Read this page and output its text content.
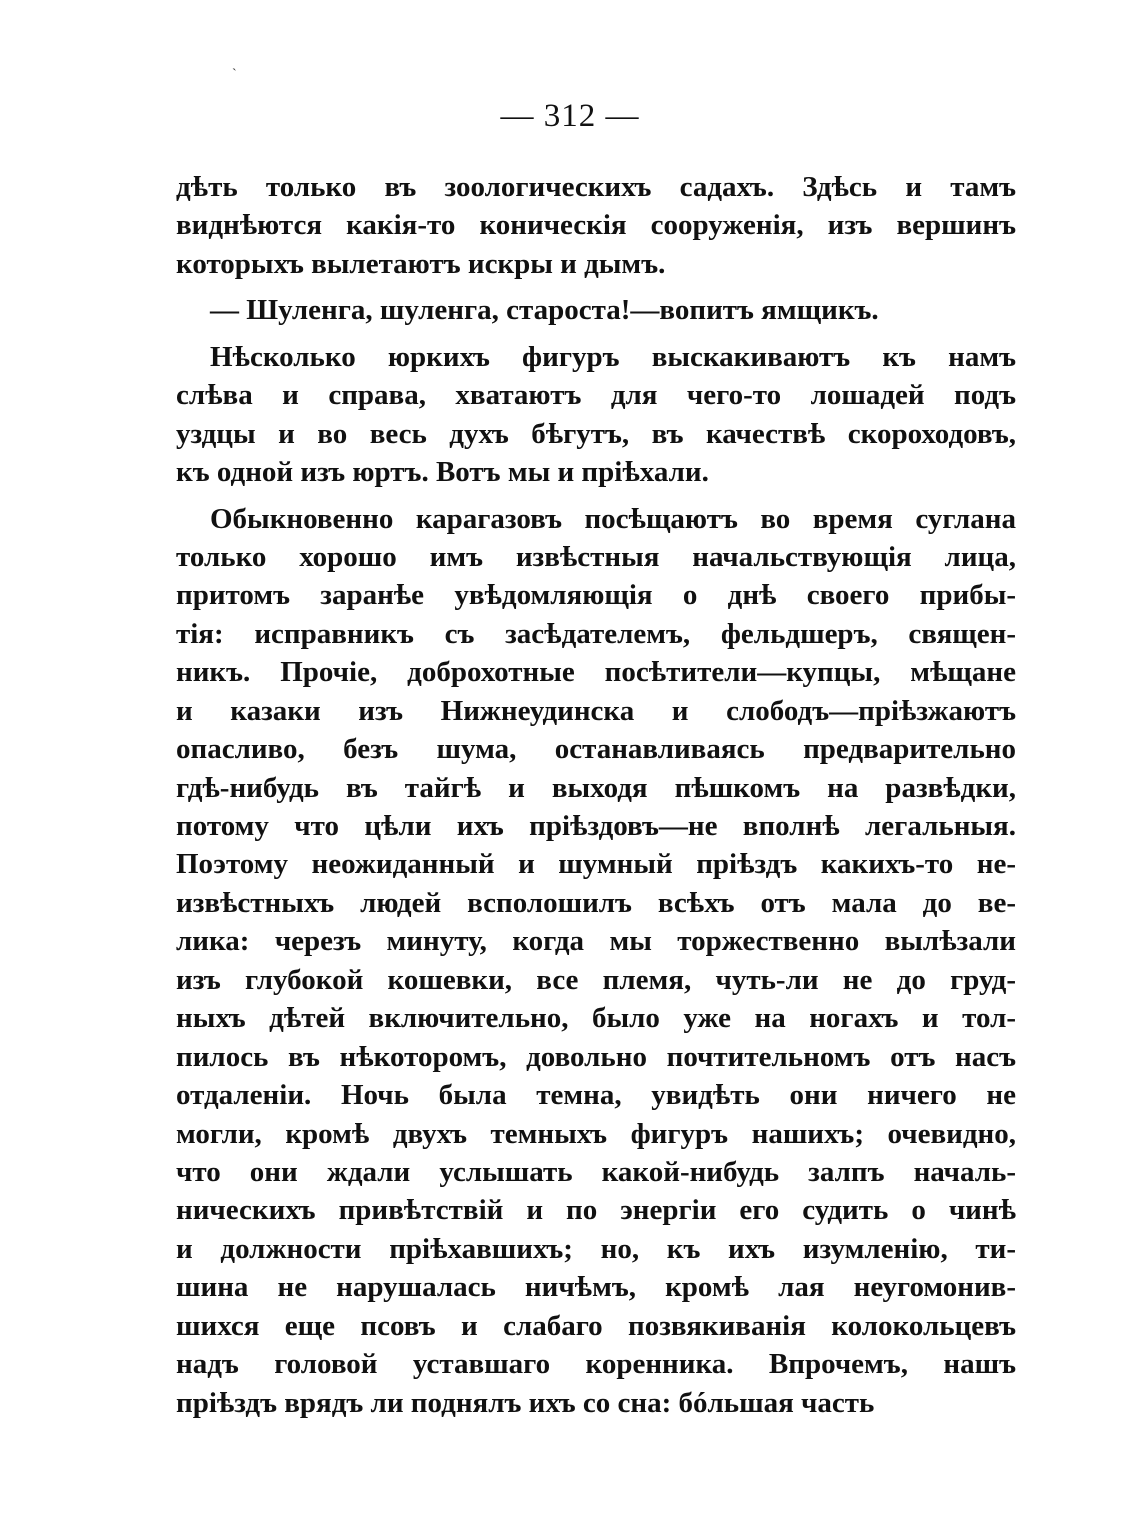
`
— 312 —
дѣть только въ зоологическихъ садахъ. Здѣсь и тамъ
виднѣются какія-то коническія сооруженія, изъ вершинъ
которыхъ вылетаютъ искры и дымъ.
— Шуленга, шуленга, староста!—вопитъ ямщикъ.
Нѣсколько юркихъ фигуръ выскакиваютъ къ намъ
слѣва и справа, хватаютъ для чего-то лошадей подъ
уздцы и во весь духъ бѣгутъ, въ качествѣ скороходовъ,
къ одной изъ юртъ. Вотъ мы и пріѣхали.
Обыкновенно карагазовъ посѣщаютъ во время суглана
только хорошо имъ извѣстныя начальствующія лица,
притомъ заранѣе увѣдомляющія о днѣ своего прибы-
тія: исправникъ съ засѣдателемъ, фельдшеръ, священ-
никъ. Прочіе, доброхотные посѣтители—купцы, мѣщане
и казаки изъ Нижнеудинска и слободъ—пріѣзжаютъ
опасливо, безъ шума, останавливаясь предварительно
гдѣ-нибудь въ тайгѣ и выходя пѣшкомъ на развѣдки,
потому что цѣли ихъ пріѣздовъ—не вполнѣ легальныя.
Поэтому неожиданный и шумный пріѣздъ какихъ-то не-
извѣстныхъ людей всполошилъ всѣхъ отъ мала до ве-
лика: черезъ минуту, когда мы торжественно вылѣзали
изъ глубокой кошевки, все племя, чуть-ли не до груд-
ныхъ дѣтей включительно, было уже на ногахъ и тол-
пилось въ нѣкоторомъ, довольно почтительномъ отъ насъ
отдаленіи. Ночь была темна, увидѣть они ничего не
могли, кромѣ двухъ темныхъ фигуръ нашихъ; очевидно,
что они ждали услышать какой-нибудь залпъ началь-
ническихъ привѣтствій и по энергіи его судить о чинѣ
и должности пріѣхавшихъ; но, къ ихъ изумленію, ти-
шина не нарушалась ничѣмъ, кромѣ лая неугомонив-
шихся еще псовъ и слабаго позвякиванія колокольцевъ
надъ головой уставшаго коренника. Впрочемъ, нашъ
пріѣздъ врядъ ли поднялъ ихъ со сна: бóльшая часть
